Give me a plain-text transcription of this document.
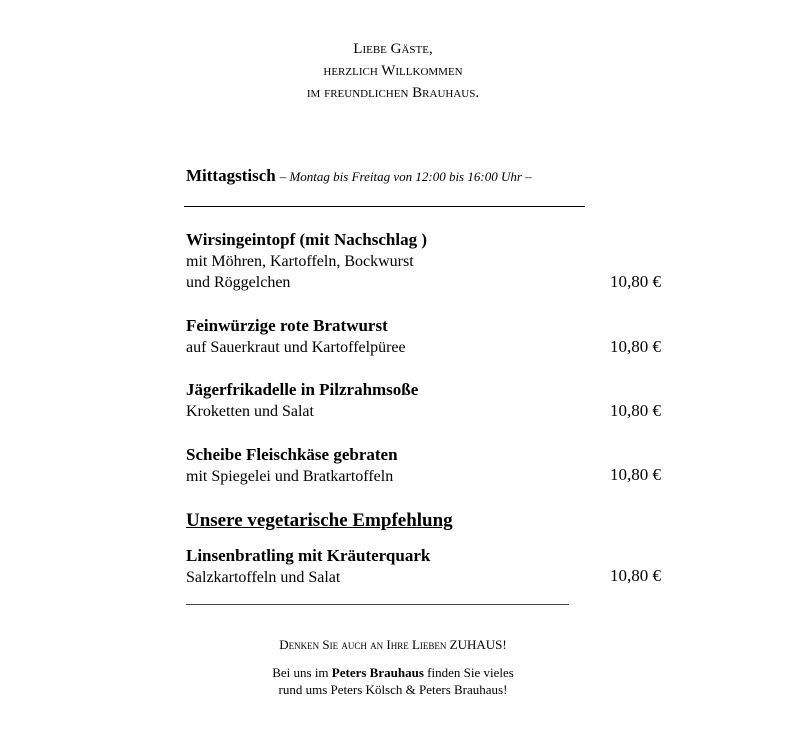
Liebe Gäste,
herzlich Willkommen
im freundlichen Brauhaus.
Mittagstisch – Montag bis Freitag von 12:00 bis 16:00 Uhr –
Wirsingeintopf (mit Nachschlag )
mit Möhren, Kartoffeln, Bockwurst
und Röggelchen	10,80 €
Feinwürzige rote Bratwurst
auf Sauerkraut und Kartoffelpüree	10,80 €
Jägerfrikadelle in Pilzrahmsoße
Kroketten und Salat	10,80 €
Scheibe Fleischkäse gebraten
mit Spiegelei und Bratkartoffeln	10,80 €
Unsere vegetarische Empfehlung
Linsenbratling mit Kräuterquark
Salzkartoffeln und Salat	10,80 €
Denken Sie auch an Ihre Lieben ZUHAUS!
Bei uns im Peters Brauhaus finden Sie vieles
rund ums Peters Kölsch & Peters Brauhaus!
